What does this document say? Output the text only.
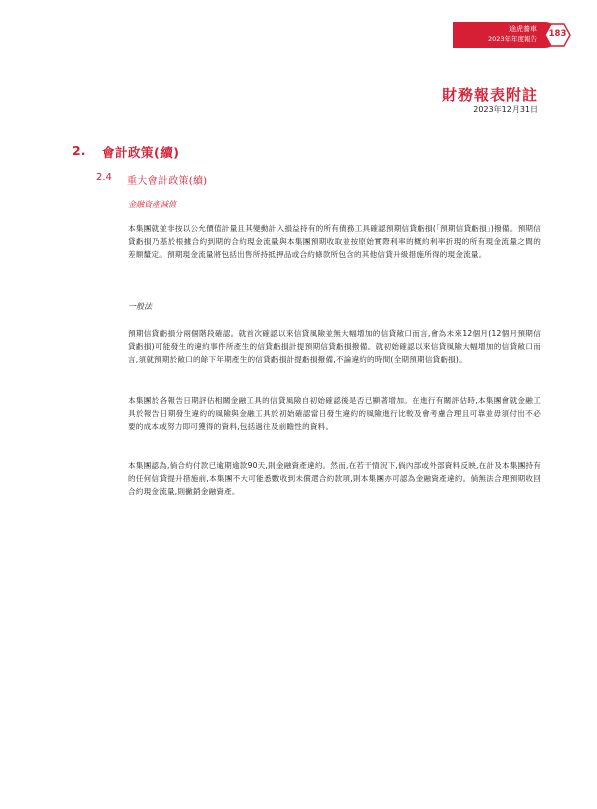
途虎養車
2023年年度報告	183
財務報表附註
2023年12月31日
2. 會計政策(續)
2.4 重大會計政策(續)
金融資產減值
本集團就並非按以公允價值計量且其變動計入損益持有的所有債務工具確認預期信貸虧損(「預期信貸虧損」)撥備。預期信貸虧損乃基於根據合約到期的合約現金流量與本集團預期收取並按原始實際利率的概約利率折現的所有現金流量之間的差額釐定。預期現金流量將包括出售所持抵押品或合約條款所包含的其他信貸升級措施所得的現金流量。
一般法
預期信貸虧損分兩個階段確認。就首次確認以來信貸風險並無大幅增加的信貸敞口而言,會為未來12個月(12個月預期信貸虧損)可能發生的違約事件所產生的信貸虧損計提預期信貸虧損撥備。就初始確認以來信貸風險大幅增加的信貸敞口而言,須就預期於敞口的餘下年期產生的信貸虧損計提虧損撥備,不論違約的時間(全期預期信貸虧損)。
本集團於各報告日期評估相關金融工具的信貸風險自初始確認後是否已顯著增加。在進行有關評估時,本集團會就金融工具於報告日期發生違約的風險與金融工具於初始確認當日發生違約的風險進行比較及會考慮合理且可靠並毋須付出不必要的成本或努力即可獲得的資料,包括過往及前瞻性的資料。
本集團認為,倘合約付款已逾期逾款90天,則金融資產違約。然而,在若干情況下,倘內部或外部資料反映,在計及本集團持有的任何信貸提升措施前,本集團不大可能悉數收到未償還合約款項,則本集團亦可認為金融資產違約。倘無法合理預期收回合約現金流量,則撇銷金融資產。
